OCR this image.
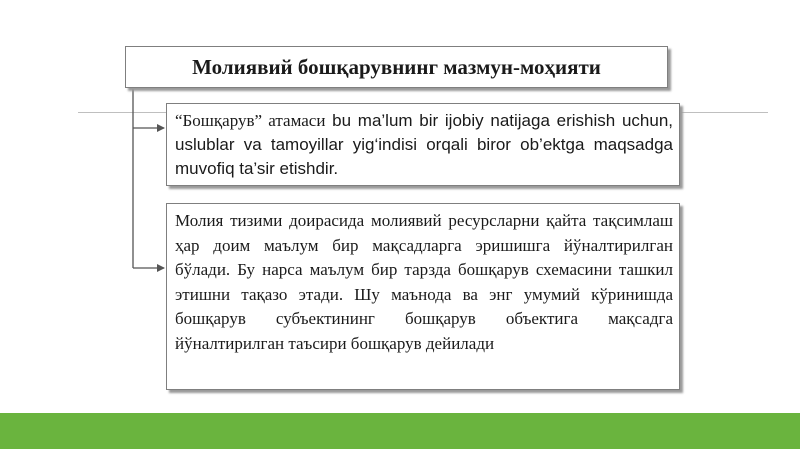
Молиявий бошқарувнинг мазмун-моҳияти
“Бошқарув” атамаси bu ma’lum bir ijobiy natijaga erishish uchun, uslublar va tamoyillar yig‘indisi orqali biror ob’ektga maqsadga muvofiq ta’sir etishdir.
Молия тизими доирасида молиявий ресурсларни қайта тақсимлаш ҳар доим маълум бир мақсадларга эришишга йўналтирилган бўлади. Бу нарса маълум бир тарзда бошқарув схемасини ташкил этишни тақазо этади. Шу маънода ва энг умумий кўринишда бошқарув субъектининг бошқарув объектига мақсадга йўналтирилган таъсири бошқарув дейилади
